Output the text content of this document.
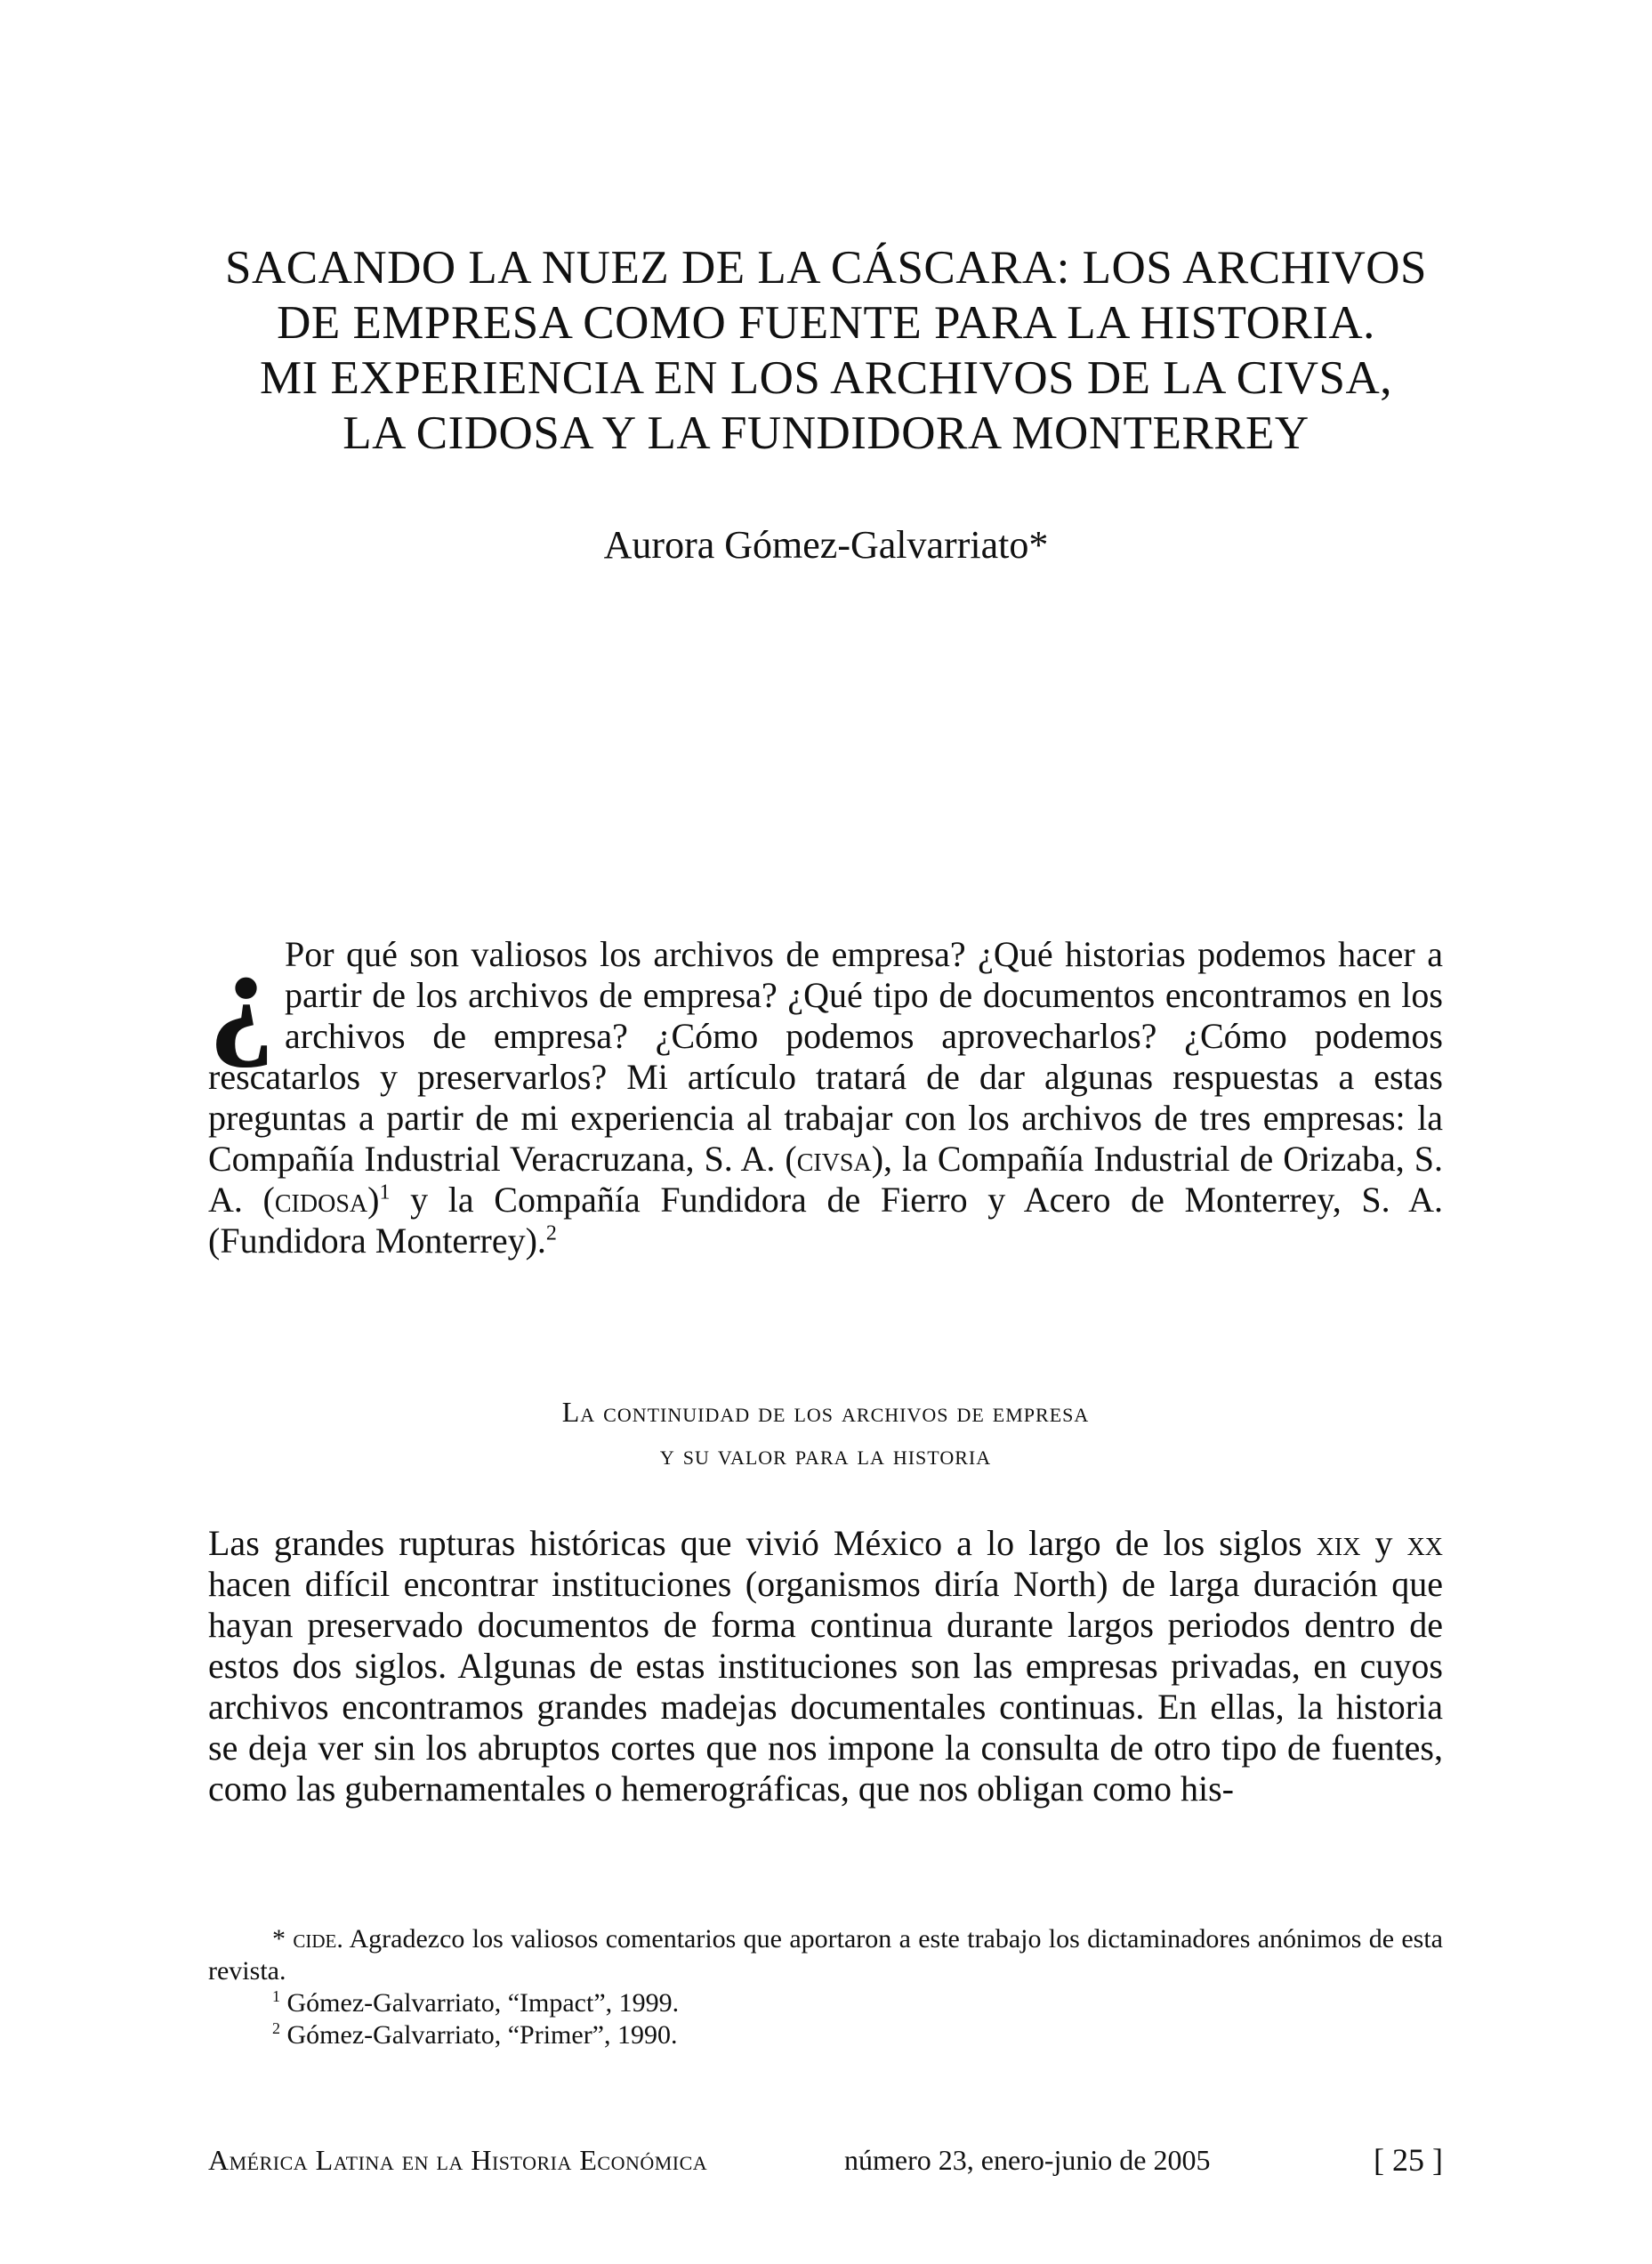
SACANDO LA NUEZ DE LA CÁSCARA: LOS ARCHIVOS
DE EMPRESA COMO FUENTE PARA LA HISTORIA.
MI EXPERIENCIA EN LOS ARCHIVOS DE LA CIVSA,
LA CIDOSA Y LA FUNDIDORA MONTERREY
Aurora Gómez-Galvarriato*

¿ Por qué son valiosos los archivos de empresa? ¿Qué historias podemos hacer a partir de los archivos de empresa? ¿Qué tipo de documentos encontramos en los archivos de empresa? ¿Cómo podemos aprovecharlos? ¿Cómo podemos rescatarlos y preservarlos? Mi artículo tratará de dar algunas respuestas a estas preguntas a partir de mi experiencia al trabajar con los archivos de tres empresas: la Compañía Industrial Veracruzana, S. A. (civsa), la Compañía Industrial de Orizaba, S. A. (cidosa)$^1$ y la Compañía Fundidora de Fierro y Acero de Monterrey, S. A. (Fundidora Monterrey).$^2$

La continuidad de los archivos de empresa
y su valor para la historia

Las grandes rupturas históricas que vivió México a lo largo de los siglos xix y xx hacen difícil encontrar instituciones (organismos diría North) de larga duración que hayan preservado documentos de forma continua durante largos periodos dentro de estos dos siglos. Algunas de estas instituciones son las empresas privadas, en cuyos archivos encontramos grandes madejas documentales continuas. En ellas, la historia se deja ver sin los abruptos cortes que nos impone la consulta de otro tipo de fuentes, como las gubernamentales o hemerográficas, que nos obligan como his-

* cide. Agradezco los valiosos comentarios que aportaron a este trabajo los dictaminadores anónimos de esta revista.

$^1$ Gómez-Galvarriato, “Impact”, 1999.

$^2$ Gómez-Galvarriato, “Primer”, 1990.

América Latina en la Historia Económica	número 23, enero-junio de 2005	[ 25 ]
